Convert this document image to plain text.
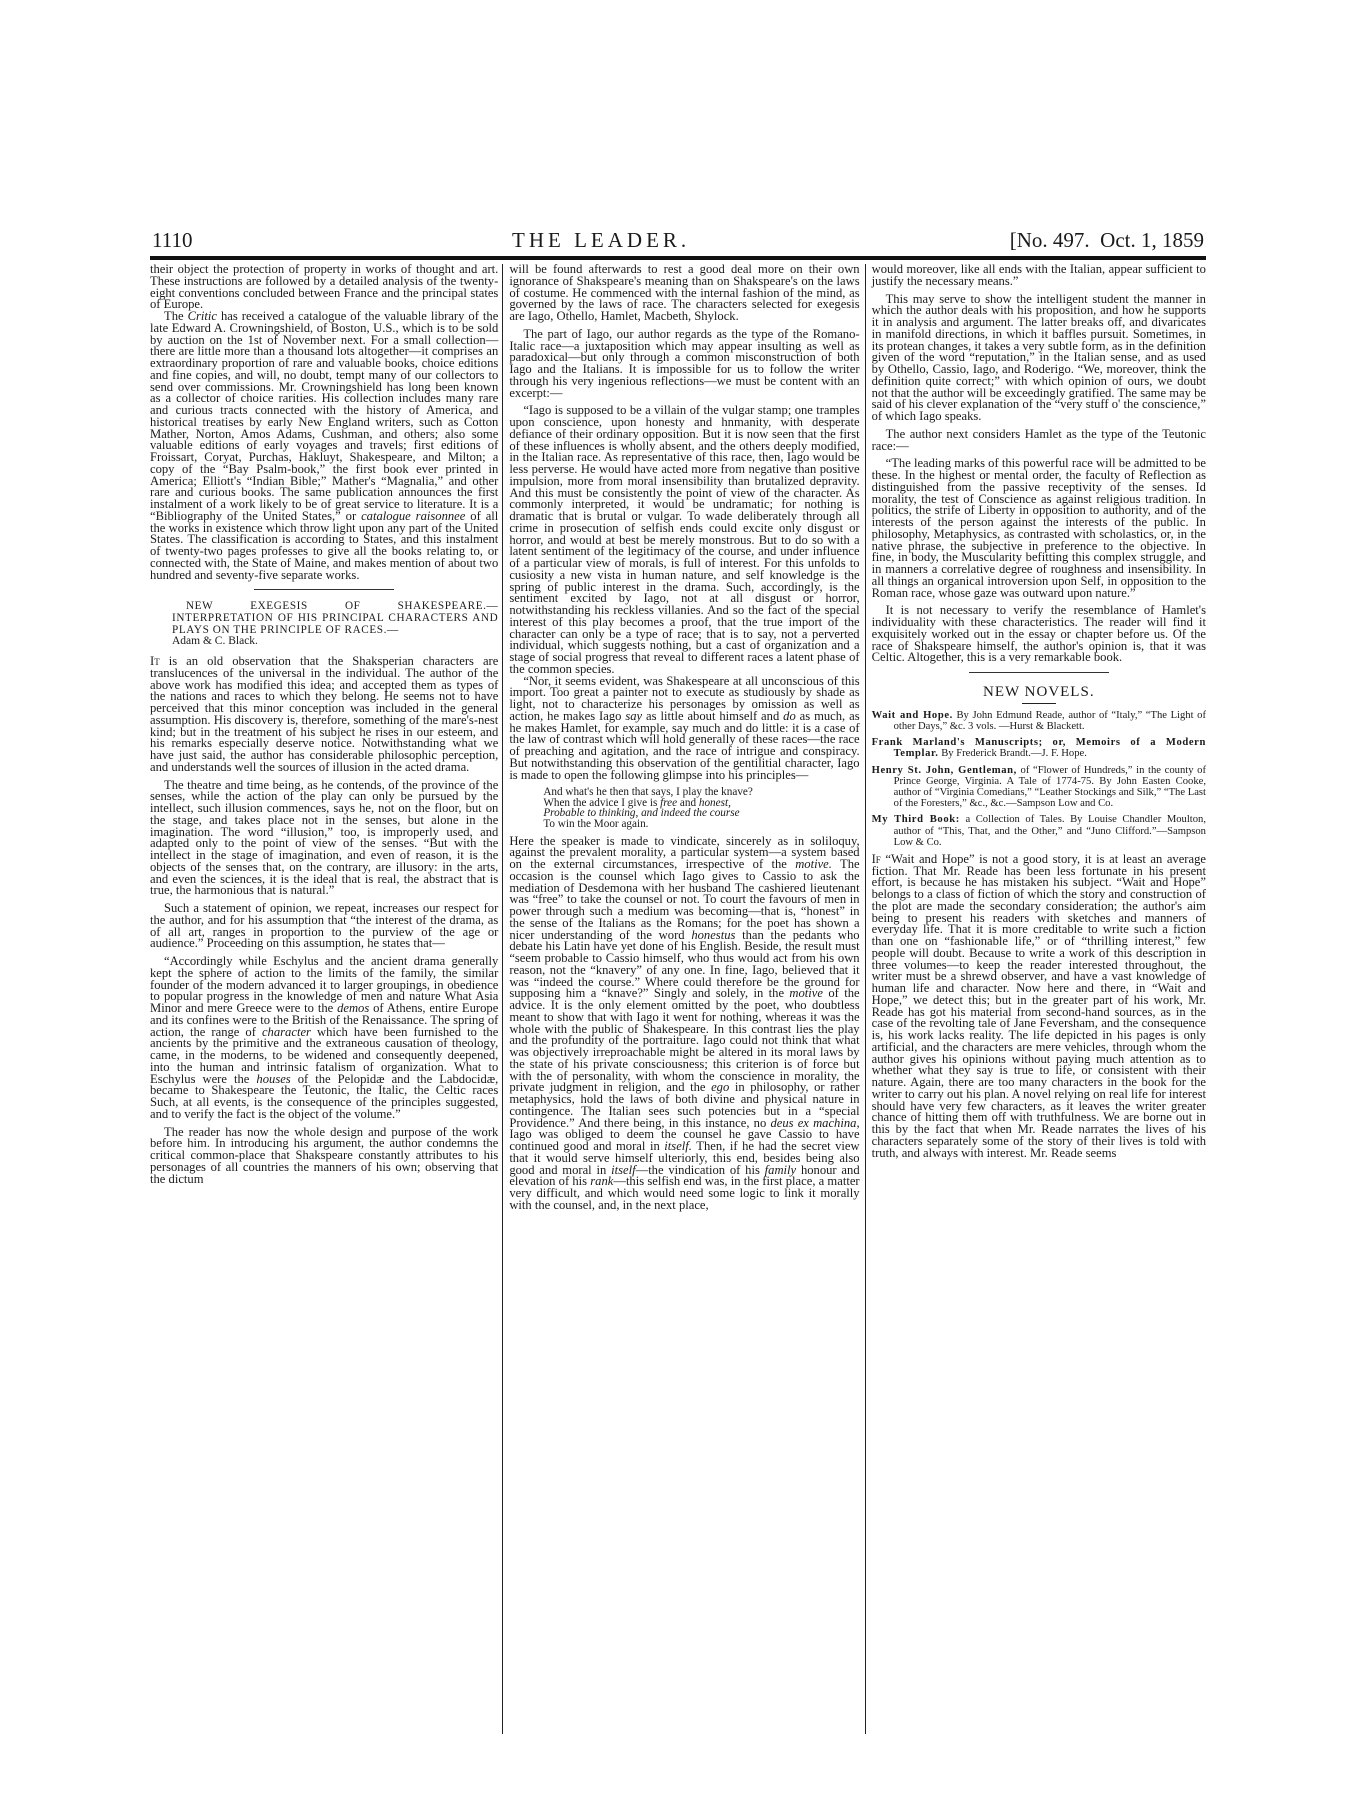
1110	THE LEADER.	[No. 497. Oct. 1, 1859

their object the protection of property in works of thought and art. These instructions are followed by a detailed analysis of the twenty-eight conventions concluded between France and the principal states of Europe.

The Critic has received a catalogue of the valuable library of the late Edward A. Crowningshield, of Boston, U.S., which is to be sold by auction on the 1st of November next. For a small collection—there are little more than a thousand lots altogether—it comprises an extraordinary proportion of rare and valuable books, choice editions and fine copies, and will, no doubt, tempt many of our collectors to send over commissions. Mr. Crowningshield has long been known as a collector of choice rarities. His collection includes many rare and curious tracts connected with the history of America, and historical treatises by early New England writers, such as Cotton Mather, Norton, Amos Adams, Cushman, and others; also some valuable editions of early voyages and travels; first editions of Froissart, Coryat, Purchas, Hakluyt, Shakespeare, and Milton; a copy of the “Bay Psalm-book,” the first book ever printed in America; Elliott's “Indian Bible;” Mather's “Magnalia,” and other rare and curious books. The same publication announces the first instalment of a work likely to be of great service to literature. It is a “Bibliography of the United States,” or catalogue raisonnee of all the works in existence which throw light upon any part of the United States. The classification is according to States, and this instalment of twenty-two pages professes to give all the books relating to, or connected with, the State of Maine, and makes mention of about two hundred and seventy-five separate works.

NEW EXEGESIS OF SHAKESPEARE.—INTERPRETATION OF HIS PRINCIPAL CHARACTERS AND PLAYS ON THE PRINCIPLE OF RACES.—

Adam & C. Black.

It is an old observation that the Shaksperian characters are translucences of the universal in the individual. The author of the above work has modified this idea; and accepted them as types of the nations and races to which they belong. He seems not to have perceived that this minor conception was included in the general assumption. His discovery is, therefore, something of the mare's-nest kind; but in the treatment of his subject he rises in our esteem, and his remarks especially deserve notice. Notwithstanding what we have just said, the author has considerable philosophic perception, and understands well the sources of illusion in the acted drama.

The theatre and time being, as he contends, of the province of the senses, while the action of the play can only be pursued by the intellect, such illusion commences, says he, not on the floor, but on the stage, and takes place not in the senses, but alone in the imagination. The word “illusion,” too, is improperly used, and adapted only to the point of view of the senses. “But with the intellect in the stage of imagination, and even of reason, it is the objects of the senses that, on the contrary, are illusory: in the arts, and even the sciences, it is the ideal that is real, the abstract that is true, the harmonious that is natural.”

Such a statement of opinion, we repeat, increases our respect for the author, and for his assumption that “the interest of the drama, as of all art, ranges in proportion to the purview of the age or audience.” Proceeding on this assumption, he states that—

“Accordingly while Eschylus and the ancient drama generally kept the sphere of action to the limits of the family, the similar founder of the modern advanced it to larger groupings, in obedience to popular progress in the knowledge of men and nature What Asia Minor and mere Greece were to the demos of Athens, entire Europe and its confines were to the British of the Renaissance. The spring of action, the range of character which have been furnished to the ancients by the primitive and the extraneous causation of theology, came, in the moderns, to be widened and consequently deepened, into the human and intrinsic fatalism of organization. What to Eschylus were the houses of the Pelopidæ and the Labdocidæ, became to Shakespeare the Teutonic, the Italic, the Celtic races Such, at all events, is the consequence of the principles suggested, and to verify the fact is the object of the volume.”

The reader has now the whole design and purpose of the work before him. In introducing his argument, the author condemns the critical common-place that Shakspeare constantly attributes to his personages of all countries the manners of his own; observing that the dictum

will be found afterwards to rest a good deal more on their own ignorance of Shakspeare's meaning than on Shakspeare's on the laws of costume. He commenced with the internal fashion of the mind, as governed by the laws of race. The characters selected for exegesis are Iago, Othello, Hamlet, Macbeth, Shylock.

The part of Iago, our author regards as the type of the Romano-Italic race—a juxtaposition which may appear insulting as well as paradoxical—but only through a common misconstruction of both Iago and the Italians. It is impossible for us to follow the writer through his very ingenious reflections—we must be content with an excerpt:—

“Iago is supposed to be a villain of the vulgar stamp; one tramples upon conscience, upon honesty and hnmanity, with desperate defiance of their ordinary opposition. But it is now seen that the first of these influences is wholly absent, and the others deeply modified, in the Italian race. As representative of this race, then, Iago would be less perverse. He would have acted more from negative than positive impulsion, more from moral insensibility than brutalized depravity. And this must be consistently the point of view of the character. As commonly interpreted, it would be undramatic; for nothing is dramatic that is brutal or vulgar. To wade deliberately through all crime in prosecution of selfish ends could excite only disgust or horror, and would at best be merely monstrous. But to do so with a latent sentiment of the legitimacy of the course, and under influence of a particular view of morals, is full of interest. For this unfolds to cusiosity a new vista in human nature, and self knowledge is the spring of public interest in the drama. Such, accordingly, is the sentiment excited by Iago, not at all disgust or horror, notwithstanding his reckless villanies. And so the fact of the special interest of this play becomes a proof, that the true import of the character can only be a type of race; that is to say, not a perverted individual, which suggests nothing, but a cast of organization and a stage of social progress that reveal to different races a latent phase of the common species.

“Nor, it seems evident, was Shakespeare at all unconscious of this import. Too great a painter not to execute as studiously by shade as light, not to characterize his personages by omission as well as action, he makes Iago say as little about himself and do as much, as he makes Hamlet, for example, say much and do little: it is a case of the law of contrast which will hold generally of these races—the race of preaching and agitation, and the race of intrigue and conspiracy. But notwithstanding this observation of the gentilitial character, Iago is made to open the following glimpse into his principles—

And what's he then that says, I play the knave?
When the advice I give is free and honest,
Probable to thinking, and indeed the course
To win the Moor again.

Here the speaker is made to vindicate, sincerely as in soliloquy, against the prevalent morality, a particular system—a system based on the external circumstances, irrespective of the motive. The occasion is the counsel which Iago gives to Cassio to ask the mediation of Desdemona with her husband The cashiered lieutenant was “free” to take the counsel or not. To court the favours of men in power through such a medium was becoming—that is, “honest” in the sense of the Italians as the Romans; for the poet has shown a nicer understanding of the word honestus than the pedants who debate his Latin have yet done of his English. Beside, the result must “seem probable to Cassio himself, who thus would act from his own reason, not the “knavery” of any one. In fine, Iago, believed that it was “indeed the course.” Where could therefore be the ground for supposing him a “knave?” Singly and solely, in the motive of the advice. It is the only element omitted by the poet, who doubtless meant to show that with Iago it went for nothing, whereas it was the whole with the public of Shakespeare. In this contrast lies the play and the profundity of the portraiture. Iago could not think that what was objectively irreproachable might be altered in its moral laws by the state of his private consciousness; this criterion is of force but with the of personality, with whom the conscience in morality, the private judgment in religion, and the ego in philosophy, or rather metaphysics, hold the laws of both divine and physical nature in contingence. The Italian sees such potencies but in a “special Providence.” And there being, in this instance, no deus ex machina, Iago was obliged to deem the counsel he gave Cassio to have continued good and moral in itself. Then, if he had the secret view that it would serve himself ulteriorly, this end, besides being also good and moral in itself—the vindication of his family honour and elevation of his rank—this selfish end was, in the first place, a matter very difficult, and which would need some logic to link it morally with the counsel, and, in the next place,

would moreover, like all ends with the Italian, appear sufficient to justify the necessary means.”

This may serve to show the intelligent student the manner in which the author deals with his proposition, and how he supports it in analysis and argument. The latter breaks off, and divaricates in manifold directions, in which it baffles pursuit. Sometimes, in its protean changes, it takes a very subtle form, as in the definition given of the word “reputation,” in the Italian sense, and as used by Othello, Cassio, Iago, and Roderigo. “We, moreover, think the definition quite correct;” with which opinion of ours, we doubt not that the author will be exceedingly gratified. The same may be said of his clever explanation of the “very stuff o' the conscience,” of which Iago speaks.

The author next considers Hamlet as the type of the Teutonic race:—

“The leading marks of this powerful race will be admitted to be these. In the highest or mental order, the faculty of Reflection as distinguished from the passive receptivity of the senses. Id morality, the test of Conscience as against religious tradition. In politics, the strife of Liberty in opposition to authority, and of the interests of the person against the interests of the public. In philosophy, Metaphysics, as contrasted with scholastics, or, in the native phrase, the subjective in preference to the objective. In fine, in body, the Muscularity befitting this complex struggle, and in manners a correlative degree of roughness and insensibility. In all things an organical introversion upon Self, in opposition to the Roman race, whose gaze was outward upon nature.”

It is not necessary to verify the resemblance of Hamlet's individuality with these characteristics. The reader will find it exquisitely worked out in the essay or chapter before us. Of the race of Shakspeare himself, the author's opinion is, that it was Celtic. Altogether, this is a very remarkable book.

NEW NOVELS.
Wait and Hope. By John Edmund Reade, author of “Italy,” “The Light of other Days,” &c. 3 vols. —Hurst & Blackett.
Frank Marland's Manuscripts; or, Memoirs of a Modern Templar. By Frederick Brandt.—J. F. Hope.
Henry St. John, Gentleman, of “Flower of Hundreds,” in the county of Prince George, Virginia. A Tale of 1774-75. By John Easten Cooke, author of “Virginia Comedians,” “Leather Stockings and Silk,” “The Last of the Foresters,” &c., &c.—Sampson Low and Co.
My Third Book: a Collection of Tales. By Louise Chandler Moulton, author of “This, That, and the Other,” and “Juno Clifford.”—Sampson Low & Co.

If “Wait and Hope” is not a good story, it is at least an average fiction. That Mr. Reade has been less fortunate in his present effort, is because he has mistaken his subject. “Wait and Hope” belongs to a class of fiction of which the story and construction of the plot are made the secondary consideration; the author's aim being to present his readers with sketches and manners of everyday life. That it is more creditable to write such a fiction than one on “fashionable life,” or of “thrilling interest,” few people will doubt. Because to write a work of this description in three volumes—to keep the reader interested throughout, the writer must be a shrewd observer, and have a vast knowledge of human life and character. Now here and there, in “Wait and Hope,” we detect this; but in the greater part of his work, Mr. Reade has got his material from second-hand sources, as in the case of the revolting tale of Jane Feversham, and the consequence is, his work lacks reality. The life depicted in his pages is only artificial, and the characters are mere vehicles, through whom the author gives his opinions without paying much attention as to whether what they say is true to life, or consistent with their nature. Again, there are too many characters in the book for the writer to carry out his plan. A novel relying on real life for interest should have very few characters, as it leaves the writer greater chance of hitting them off with truthfulness. We are borne out in this by the fact that when Mr. Reade narrates the lives of his characters separately some of the story of their lives is told with truth, and always with interest. Mr. Reade seems
